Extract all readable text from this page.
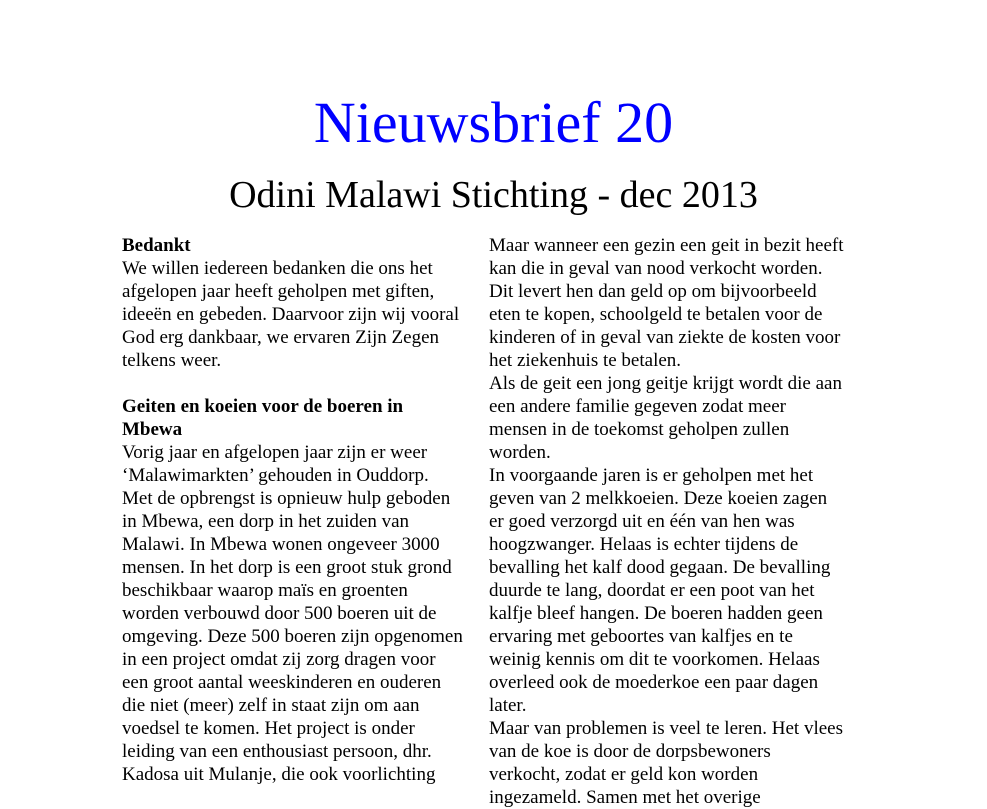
Nieuwsbrief 20
Odini Malawi Stichting - dec 2013
Bedankt
We willen iedereen bedanken die ons het
afgelopen jaar heeft geholpen met giften,
ideeën en gebeden. Daarvoor zijn wij vooral
God erg dankbaar, we ervaren Zijn Zegen
telkens weer.
Geiten en koeien voor de boeren in
Mbewa
Vorig jaar en afgelopen jaar zijn er weer
‘Malawimarkten’ gehouden in Ouddorp.
Met de opbrengst is opnieuw hulp geboden
in Mbewa, een dorp in het zuiden van
Malawi. In Mbewa wonen ongeveer 3000
mensen. In het dorp is een groot stuk grond
beschikbaar waarop maïs en groenten
worden verbouwd door 500 boeren uit de
omgeving. Deze 500 boeren zijn opgenomen
in een project omdat zij zorg dragen voor
een groot aantal weeskinderen en ouderen
die niet (meer) zelf in staat zijn om aan
voedsel te komen. Het project is onder
leiding van een enthousiast persoon, dhr.
Kadosa uit Mulanje, die ook voorlichting
Maar wanneer een gezin een geit in bezit heeft
kan die in geval van nood verkocht worden.
Dit levert hen dan geld op om bijvoorbeeld
eten te kopen, schoolgeld te betalen voor de
kinderen of in geval van ziekte de kosten voor
het ziekenhuis te betalen.
Als de geit een jong geitje krijgt wordt die aan
een andere familie gegeven zodat meer
mensen in de toekomst geholpen zullen
worden.
In voorgaande jaren is er geholpen met het
geven van 2 melkkoeien. Deze koeien zagen
er goed verzorgd uit en één van hen was
hoogzwanger. Helaas is echter tijdens de
bevalling het kalf dood gegaan. De bevalling
duurde te lang, doordat er een poot van het
kalfje bleef hangen. De boeren hadden geen
ervaring met geboortes van kalfjes en te
weinig kennis om dit te voorkomen. Helaas
overleed ook de moederkoe een paar dagen
later.
Maar van problemen is veel te leren. Het vlees
van de koe is door de dorpsbewoners
verkocht, zodat er geld kon worden
ingezameld. Samen met het overige
